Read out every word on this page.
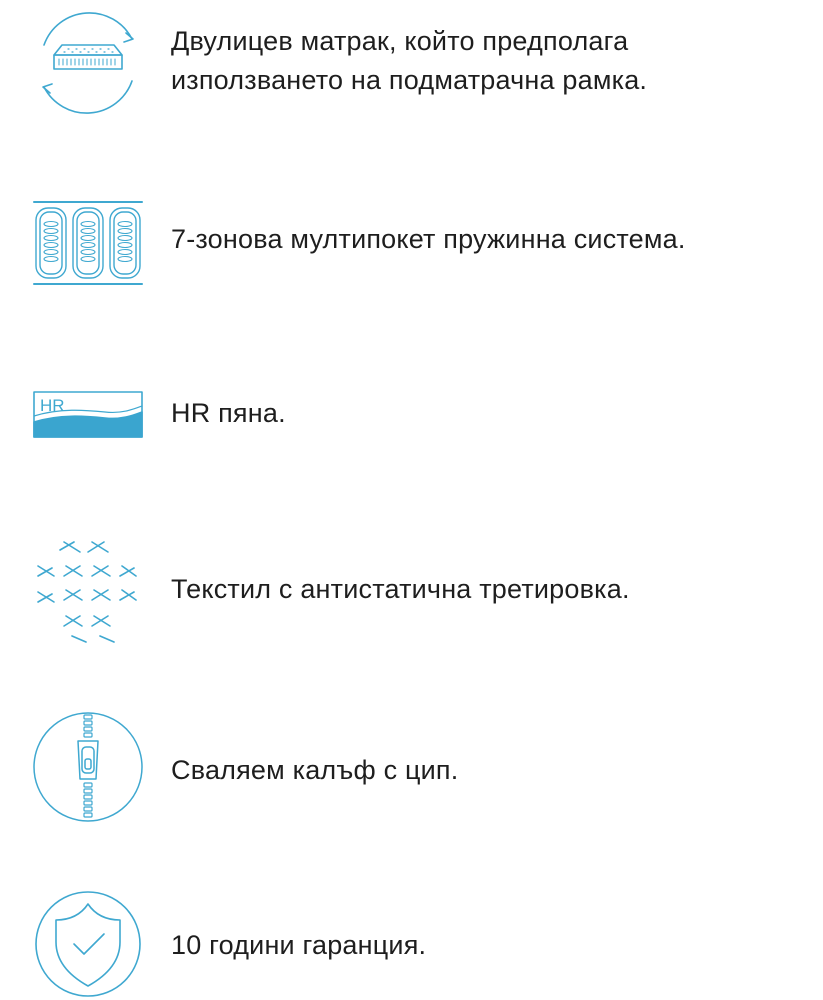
Двулицев матрак, който предполага
използването на подматрачна рамка.
7-зонова мултипокет пружинна система.
HR	HR пяна.
Текстил с антистатична третировка.
Сваляем калъф с цип.
10 години гаранция.
